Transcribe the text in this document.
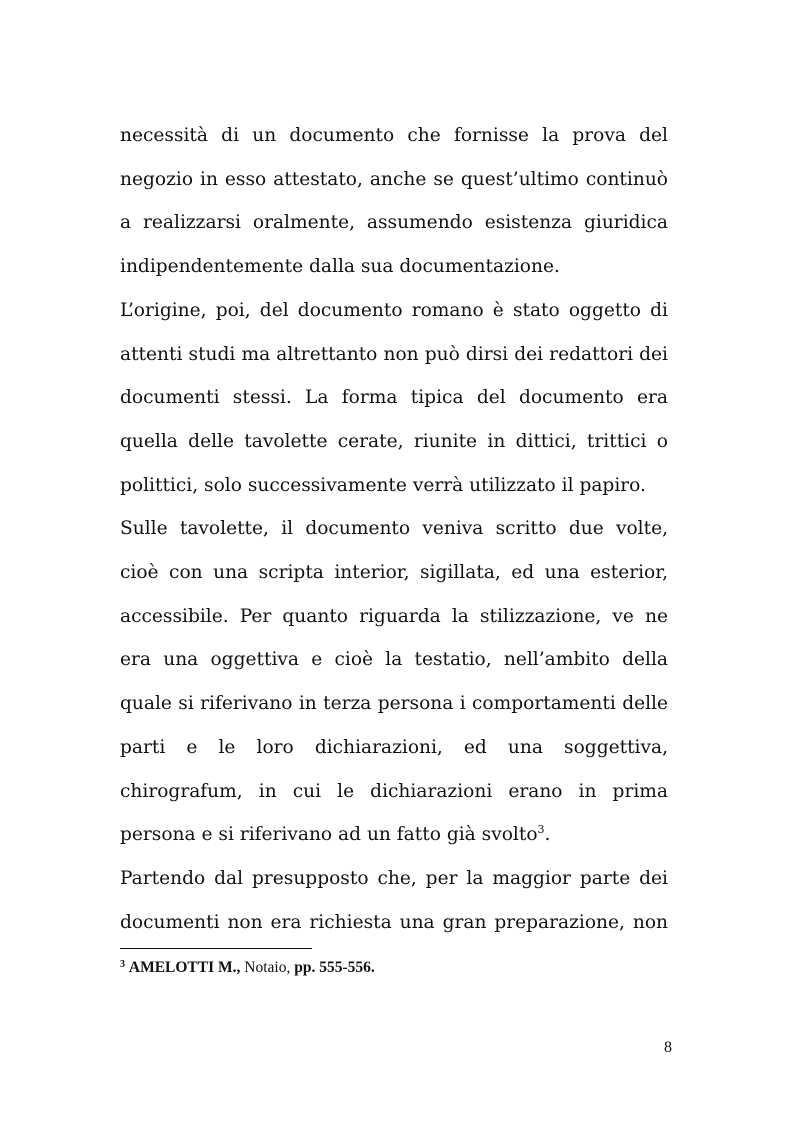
necessità di un documento che fornisse la prova del negozio in esso attestato, anche se quest’ultimo continuò a realizzarsi oralmente, assumendo esistenza giuridica indipendentemente dalla sua documentazione.

L’origine, poi, del documento romano è stato oggetto di attenti studi ma altrettanto non può dirsi dei redattori dei documenti stessi. La forma tipica del documento era quella delle tavolette cerate, riunite in dittici, trittici o polittici, solo successivamente verrà utilizzato il papiro.

Sulle tavolette, il documento veniva scritto due volte, cioè con una scripta interior, sigillata, ed una esterior, accessibile. Per quanto riguarda la stilizzazione, ve ne era una oggettiva e cioè la testatio, nell’ambito della quale si riferivano in terza persona i comportamenti delle parti e le loro dichiarazioni, ed una soggettiva, chirografum, in cui le dichiarazioni erano in prima persona e si riferivano ad un fatto già svolto$^3$.

Partendo dal presupposto che, per la maggior parte dei documenti non era richiesta una gran preparazione, non

$^3$ AMELOTTI M., Notaio, pp. 555-556.
8
